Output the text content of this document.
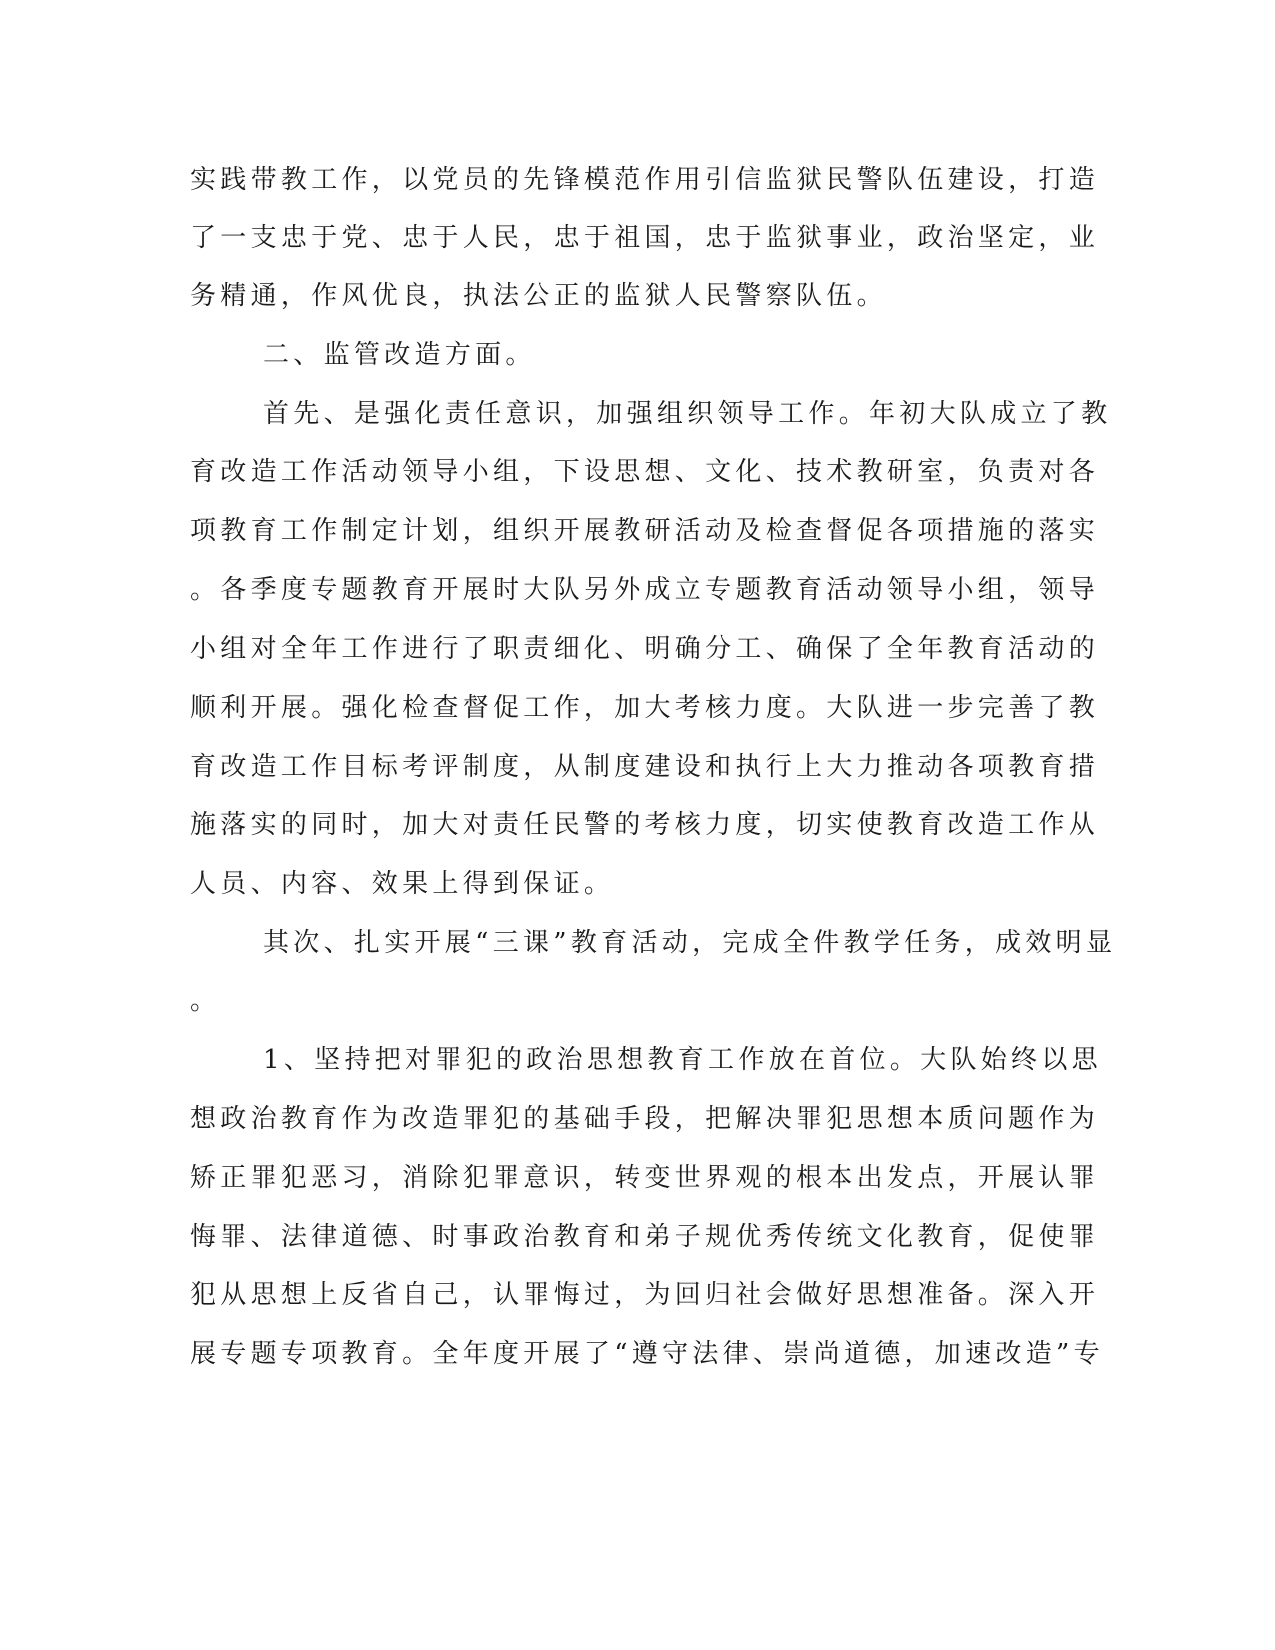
实践带教工作，以党员的先锋模范作用引信监狱民警队伍建设，打造
了一支忠于党、忠于人民，忠于祖国，忠于监狱事业，政治坚定，业
务精通，作风优良，执法公正的监狱人民警察队伍。
二、监管改造方面。
首先、是强化责任意识，加强组织领导工作。年初大队成立了教
育改造工作活动领导小组，下设思想、文化、技术教研室，负责对各
项教育工作制定计划，组织开展教研活动及检查督促各项措施的落实
。各季度专题教育开展时大队另外成立专题教育活动领导小组，领导
小组对全年工作进行了职责细化、明确分工、确保了全年教育活动的
顺利开展。强化检查督促工作，加大考核力度。大队进一步完善了教
育改造工作目标考评制度，从制度建设和执行上大力推动各项教育措
施落实的同时，加大对责任民警的考核力度，切实使教育改造工作从
人员、内容、效果上得到保证。
其次、扎实开展“三课”教育活动，完成全件教学任务，成效明显
。
1、坚持把对罪犯的政治思想教育工作放在首位。大队始终以思
想政治教育作为改造罪犯的基础手段，把解决罪犯思想本质问题作为
矫正罪犯恶习，消除犯罪意识，转变世界观的根本出发点，开展认罪
悔罪、法律道德、时事政治教育和弟子规优秀传统文化教育，促使罪
犯从思想上反省自己，认罪悔过，为回归社会做好思想准备。深入开
展专题专项教育。全年度开展了“遵守法律、崇尚道德，加速改造”专
